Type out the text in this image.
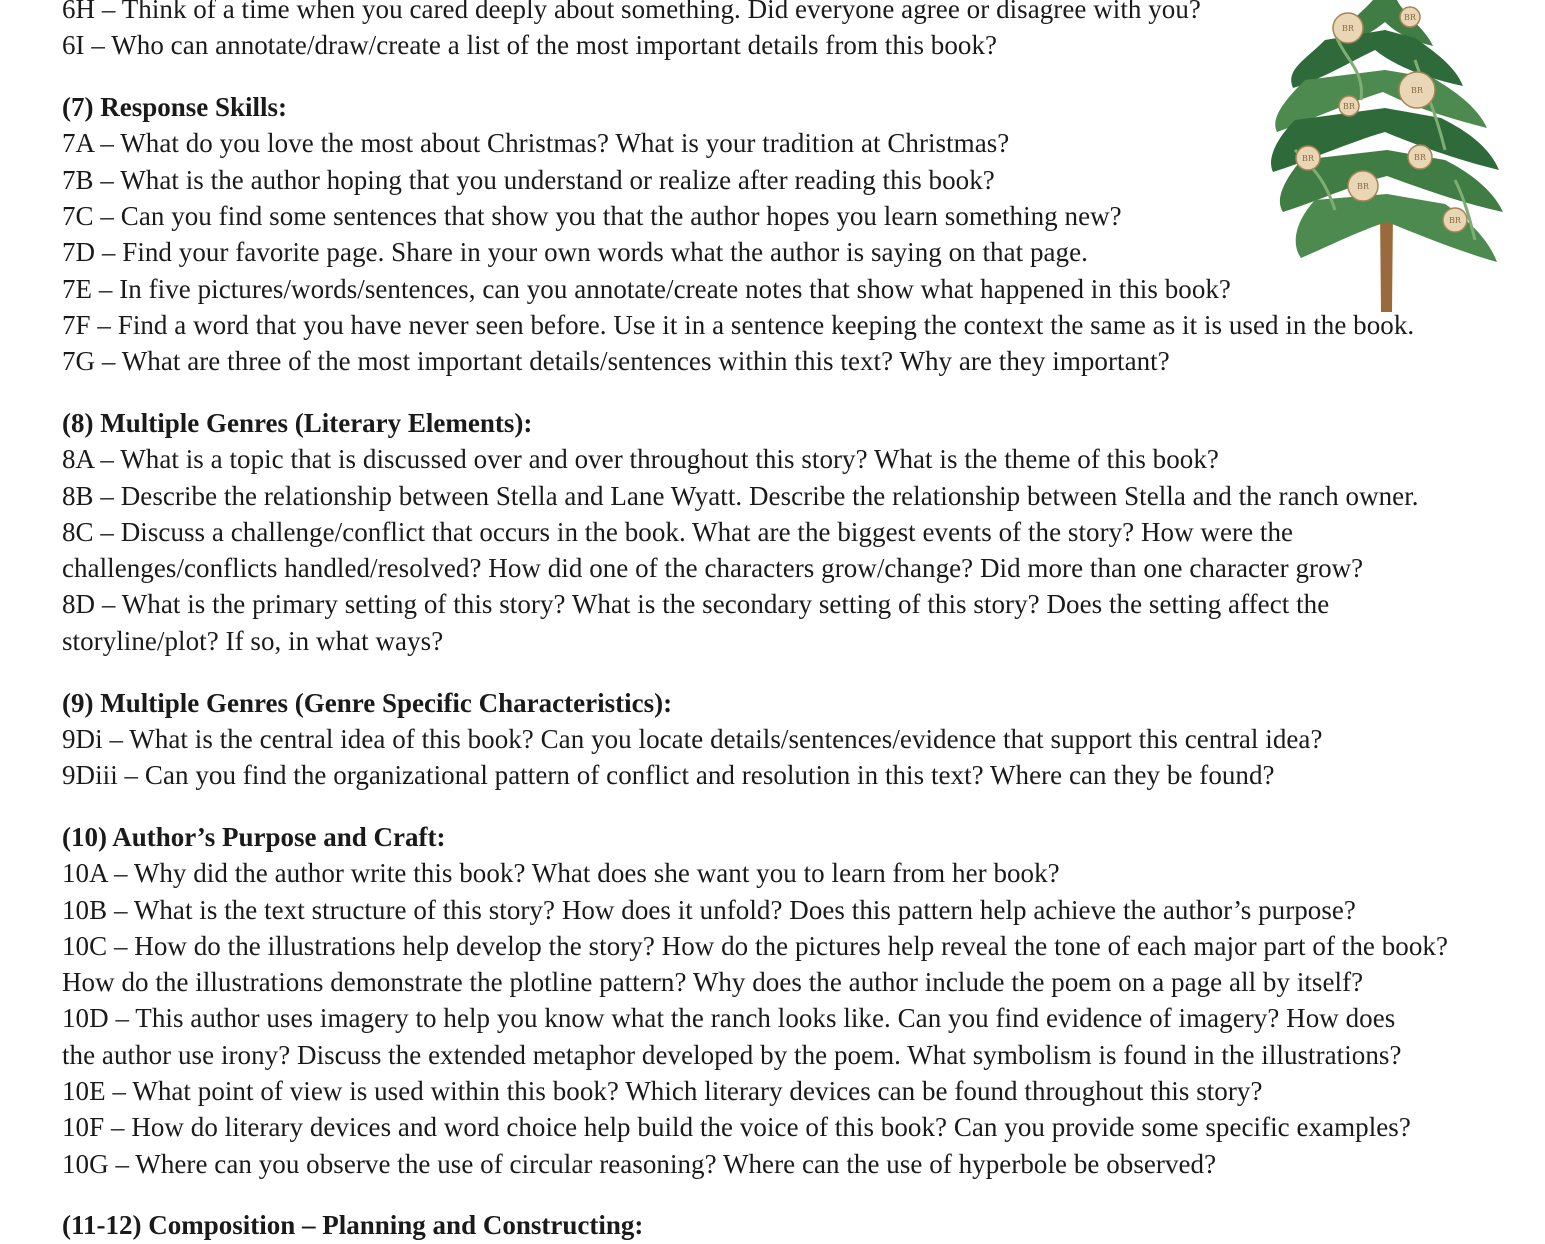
BR
BR
BR
BR
BR	BR
BR
BR
6H – Think of a time when you cared deeply about something. Did everyone agree or disagree with you?
6I – Who can annotate/draw/create a list of the most important details from this book?
(7) Response Skills:
7A – What do you love the most about Christmas? What is your tradition at Christmas?
7B – What is the author hoping that you understand or realize after reading this book?
7C – Can you find some sentences that show you that the author hopes you learn something new?
7D – Find your favorite page. Share in your own words what the author is saying on that page.
7E – In five pictures/words/sentences, can you annotate/create notes that show what happened in this book?
7F – Find a word that you have never seen before. Use it in a sentence keeping the context the same as it is used in the book.
7G – What are three of the most important details/sentences within this text? Why are they important?
(8) Multiple Genres (Literary Elements):
8A – What is a topic that is discussed over and over throughout this story? What is the theme of this book?
8B – Describe the relationship between Stella and Lane Wyatt. Describe the relationship between Stella and the ranch owner.
8C – Discuss a challenge/conflict that occurs in the book. What are the biggest events of the story? How were the
challenges/conflicts handled/resolved? How did one of the characters grow/change? Did more than one character grow?
8D – What is the primary setting of this story? What is the secondary setting of this story? Does the setting affect the
storyline/plot? If so, in what ways?
(9) Multiple Genres (Genre Specific Characteristics):
9Di – What is the central idea of this book? Can you locate details/sentences/evidence that support this central idea?
9Diii – Can you find the organizational pattern of conflict and resolution in this text? Where can they be found?
(10) Author’s Purpose and Craft:
10A – Why did the author write this book? What does she want you to learn from her book?
10B – What is the text structure of this story? How does it unfold? Does this pattern help achieve the author’s purpose?
10C – How do the illustrations help develop the story? How do the pictures help reveal the tone of each major part of the book?
How do the illustrations demonstrate the plotline pattern? Why does the author include the poem on a page all by itself?
10D – This author uses imagery to help you know what the ranch looks like. Can you find evidence of imagery? How does
the author use irony? Discuss the extended metaphor developed by the poem. What symbolism is found in the illustrations?
10E – What point of view is used within this book? Which literary devices can be found throughout this story?
10F – How do literary devices and word choice help build the voice of this book? Can you provide some specific examples?
10G – Where can you observe the use of circular reasoning? Where can the use of hyperbole be observed?
(11-12) Composition – Planning and Constructing:
